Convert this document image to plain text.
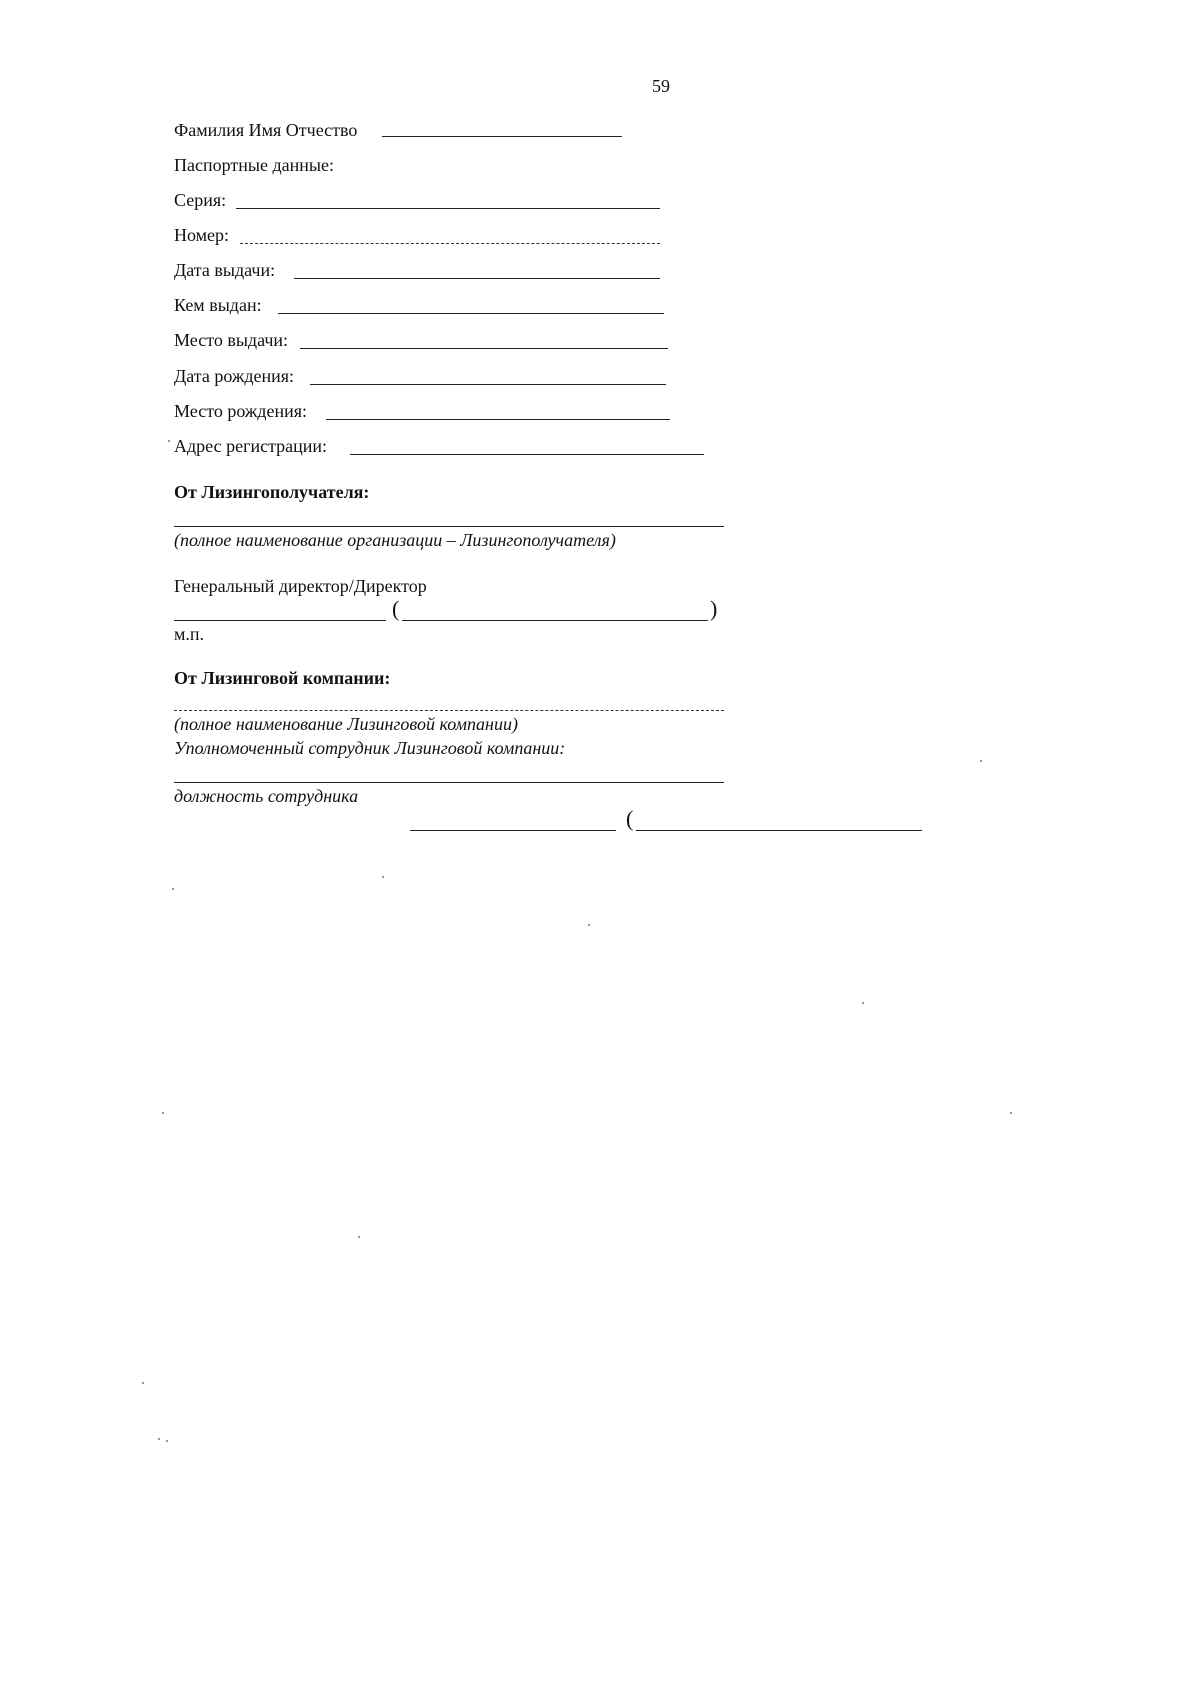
59
Фамилия Имя Отчество
Паспортные данные:
Серия:
Номер:
Дата выдачи:
Кем выдан:
Место выдачи:
Дата рождения:
Место рождения:
Адрес регистрации:
От Лизингополучателя:
(полное наименование организации – Лизингополучателя)
Генеральный директор/Директор
(	)
м.п.
От Лизинговой компании:
(полное наименование Лизинговой компании)
Уполномоченный сотрудник Лизинговой компании:
должность сотрудника
(
